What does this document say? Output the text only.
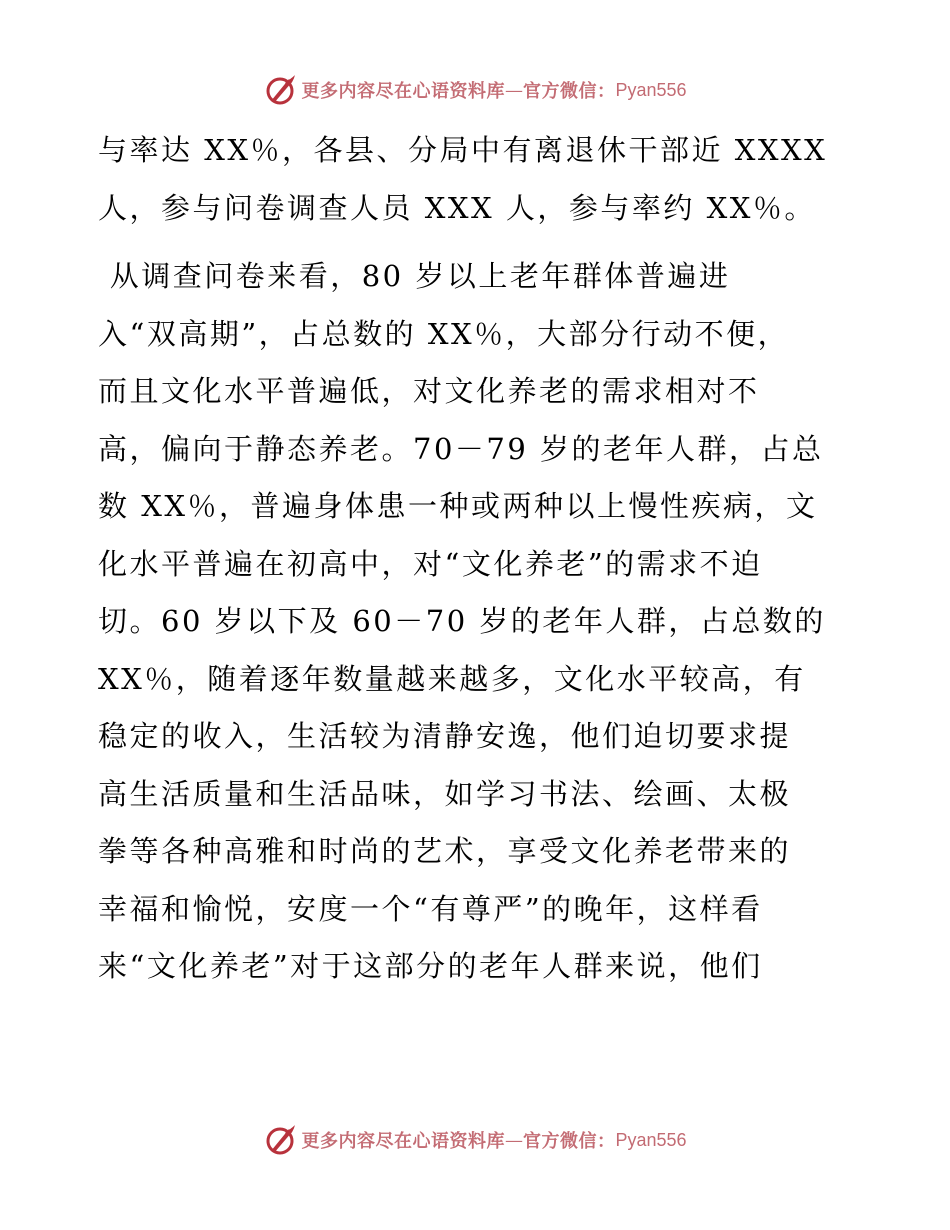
更多内容尽在心语资料库 — 官方微信： Pyan556
与率达 XX％，各县、分局中有离退休干部近 XXXX
人，参与问卷调查人员 XXX 人，参与率约 XX％。
从调查问卷来看，80 岁以上老年群体普遍进
入“双高期”，占总数的 XX％，大部分行动不便，
而且文化水平普遍低，对文化养老的需求相对不
高，偏向于静态养老。70－79 岁的老年人群，占总
数 XX％，普遍身体患一种或两种以上慢性疾病，文
化水平普遍在初高中，对“文化养老”的需求不迫
切。60 岁以下及 60－70 岁的老年人群，占总数的
XX％，随着逐年数量越来越多，文化水平较高，有
稳定的收入，生活较为清静安逸，他们迫切要求提
高生活质量和生活品味，如学习书法、绘画、太极
拳等各种高雅和时尚的艺术，享受文化养老带来的
幸福和愉悦，安度一个“有尊严”的晚年，这样看
来“文化养老”对于这部分的老年人群来说，他们
更多内容尽在心语资料库 — 官方微信： Pyan556
